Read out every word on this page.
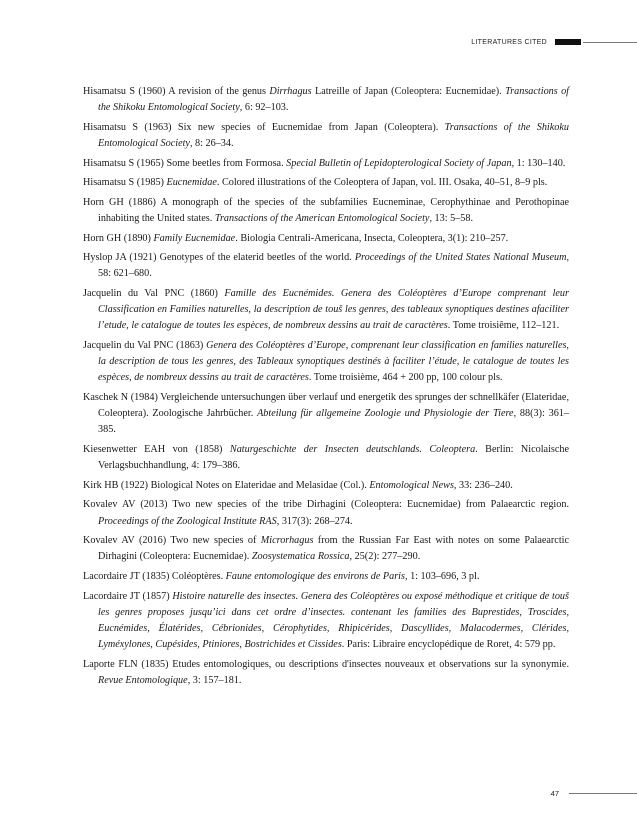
LITERATURES CITED

Hisamatsu S (1960) A revision of the genus Dirrhagus Latreille of Japan (Coleoptera: Eucnemidae). Transactions of the Shikoku Entomological Society, 6: 92–103.

Hisamatsu S (1963) Six new species of Eucnemidae from Japan (Coleoptera). Transactions of the Shikoku Entomological Society, 8: 26–34.

Hisamatsu S (1965) Some beetles from Formosa. Special Bulletin of Lepidopterological Society of Japan, 1: 130–140.

Hisamatsu S (1985) Eucnemidae. Colored illustrations of the Coleoptera of Japan, vol. III. Osaka, 40–51, 8–9 pls.

Horn GH (1886) A monograph of the species of the subfamilies Eucneminae, Cerophythinae and Perothopinae inhabiting the United states. Transactions of the American Entomological Society, 13: 5–58.

Horn GH (1890) Family Eucnemidae. Biologia Centrali-Americana, Insecta, Coleoptera, 3(1): 210–257.

Hyslop JA (1921) Genotypes of the elaterid beetles of the world. Proceedings of the United States National Museum, 58: 621–680.

Jacquelin du Val PNC (1860) Famille des Eucnémides. Genera des Coléoptères d’Europe comprenant leur Classification en Families naturelles, la description de touš les genres, des tableaux synoptiques destines afaciliter l’etude, le catalogue de toutes les espèces, de nombreux dessins au trait de caractères. Tome troisiême, 112–121.

Jacquelin du Val PNC (1863) Genera des Coléoptères d’Europe, comprenant leur classification en families naturelles, la description de tous les genres, des Tableaux synoptiques destinés à faciliter l’étude, le catalogue de toutes les espèces, de nombreux dessins au trait de caractères. Tome troisième, 464 + 200 pp, 100 colour pls.

Kaschek N (1984) Vergleichende untersuchungen über verlauf und energetik des sprunges der schnellkäfer (Elateridae, Coleoptera). Zoologische Jahrbücher. Abteilung für allgemeine Zoologie und Physiologie der Tiere, 88(3): 361–385.

Kiesenwetter EAH von (1858) Naturgeschichte der Insecten deutschlands. Coleoptera. Berlin: Nicolaische Verlagsbuchhandlung, 4: 179–386.

Kirk HB (1922) Biological Notes on Elateridae and Melasidae (Col.). Entomological News, 33: 236–240.

Kovalev AV (2013) Two new species of the tribe Dirhagini (Coleoptera: Eucnemidae) from Palaearctic region. Proceedings of the Zoological Institute RAS, 317(3): 268–274.

Kovalev AV (2016) Two new species of Microrhagus from the Russian Far East with notes on some Palaearctic Dirhagini (Coleoptera: Eucnemidae). Zoosystematica Rossica, 25(2): 277–290.

Lacordaire JT (1835) Coléoptères. Faune entomologique des environs de Paris, 1: 103–696, 3 pl.

Lacordaire JT (1857) Histoire naturelle des insectes. Genera des Coléoptères ou exposé méthodique et critique de touš les genres proposes jusqu’ici dans cet ordre d’insectes. contenant les families des Buprestides, Troscides, Eucnémides, Élatérides, Cébrionides, Cérophytides, Rhipicérides, Dascyllides, Malacodermes, Clérides, Lyméxylones, Cupésides, Ptiniores, Bostrichides et Cissides. Paris: Libraire encyclopédique de Roret, 4: 579 pp.

Laporte FLN (1835) Etudes entomologiques, ou descriptions d'insectes nouveaux et observations sur la synonymie. Revue Entomologique, 3: 157–181.

47
